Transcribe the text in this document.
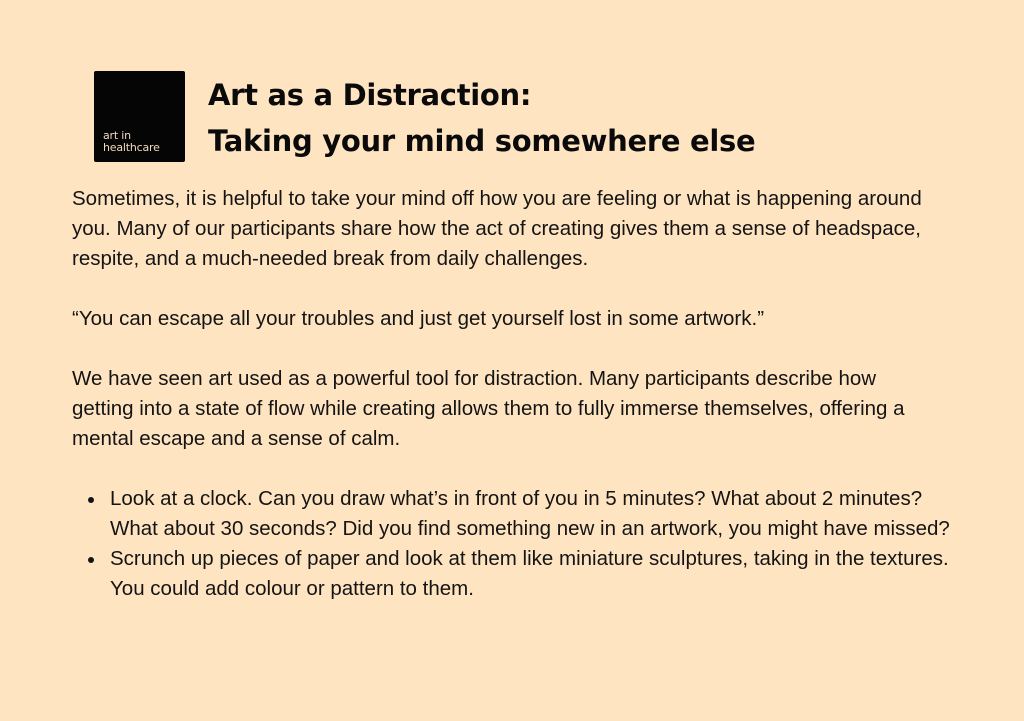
art in
healthcare
Art as a Distraction:
Taking your mind somewhere else

Sometimes, it is helpful to take your mind off how you are feeling or what is happening around you. Many of our participants share how the act of creating gives them a sense of headspace, respite, and a much-needed break from daily challenges.

“You can escape all your troubles and just get yourself lost in some artwork.”

We have seen art used as a powerful tool for distraction. Many participants describe how getting into a state of flow while creating allows them to fully immerse themselves, offering a mental escape and a sense of calm.

Look at a clock. Can you draw what’s in front of you in 5 minutes? What about 2 minutes? What about 30 seconds? Did you find something new in an artwork, you might have missed?
Scrunch up pieces of paper and look at them like miniature sculptures, taking in the textures. You could add colour or pattern to them.
